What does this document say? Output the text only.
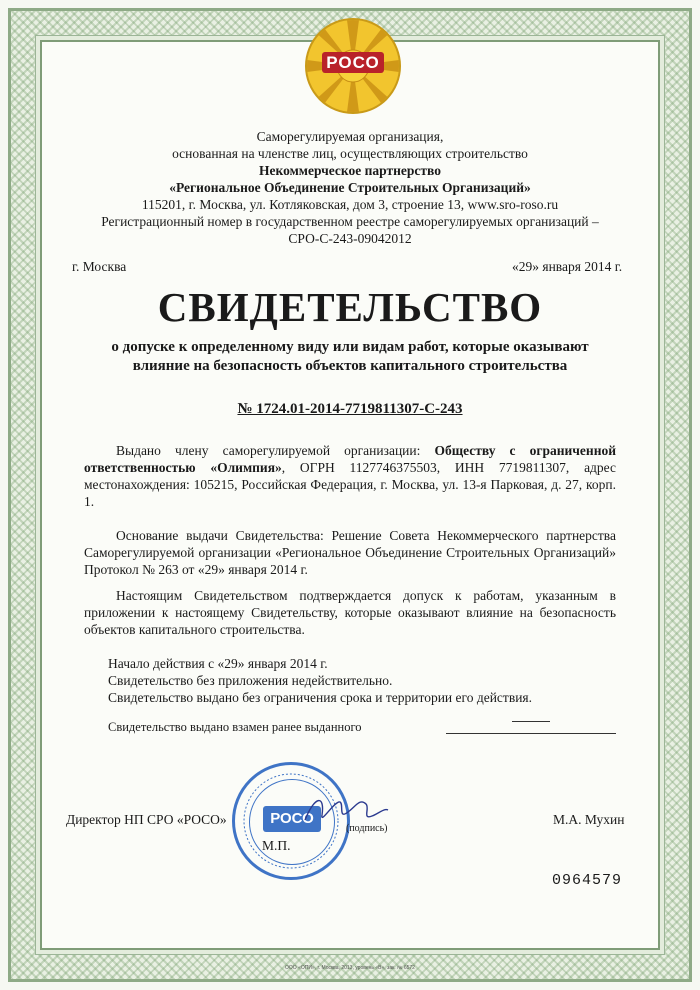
РОСО
Саморегулируемая организация,
основанная на членстве лиц, осуществляющих строительство
Некоммерческое партнерство
«Региональное Объединение Строительных Организаций»
115201, г. Москва, ул. Котляковская, дом 3, строение 13, www.sro-roso.ru
Регистрационный номер в государственном реестре саморегулируемых организаций –
СРО-С-243-09042012
г. Москва	«29» января 2014 г.
СВИДЕТЕЛЬСТВО
о допуске к определенному виду или видам работ, которые оказывают влияние на безопасность объектов капитального строительства
№ 1724.01-2014-7719811307-С-243
Выдано члену саморегулируемой организации: Обществу с ограниченной ответственностью «Олимпия», ОГРН 1127746375503, ИНН 7719811307, адрес местонахождения: 105215, Российская Федерация, г. Москва, ул. 13-я Парковая, д. 27, корп. 1.
Основание выдачи Свидетельства: Решение Совета Некоммерческого партнерства Саморегулируемой организации «Региональное Объединение Строительных Организаций» Протокол № 263 от «29» января 2014 г.
Настоящим Свидетельством подтверждается допуск к работам, указанным в приложении к настоящему Свидетельству, которые оказывают влияние на безопасность объектов капитального строительства.
Начало действия с «29» января 2014 г.
Свидетельство без приложения недействительно.
Свидетельство выдано без ограничения срока и территории его действия.
Свидетельство выдано взамен ранее выданного
РОСО
Директор НП СРО «РОСО»
(подпись)
М.А. Мухин
М.П.
0964579
ООО «ОПИ», г. Москва, 2013, уровень «В», зак. № 6572
